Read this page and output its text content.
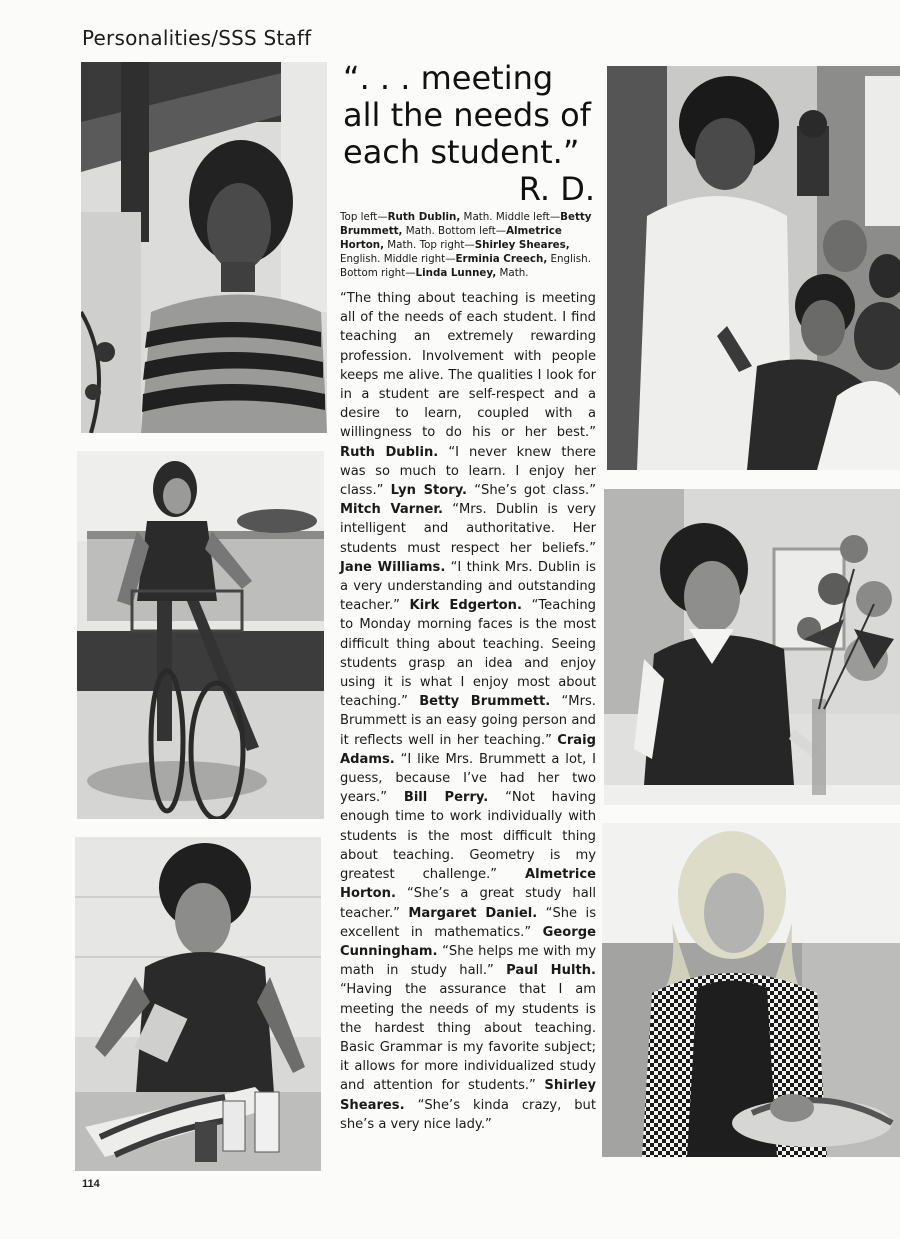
Personalities/SSS Staff
“. . . meeting all the needs of each student.”
R. D.
Top left—Ruth Dublin, Math. Middle left—Betty Brummett, Math. Bottom left—Almetrice Horton, Math. Top right—Shirley Sheares, English. Middle right—Erminia Creech, English. Bottom right—Linda Lunney, Math.
“The thing about teaching is meeting all of the needs of each student. I find teaching an extremely rewarding profession. Involvement with people keeps me alive. The qualities I look for in a student are self-respect and a desire to learn, coupled with a willingness to do his or her best.” Ruth Dublin. “I never knew there was so much to learn. I enjoy her class.” Lyn Story. “She’s got class.” Mitch Varner. “Mrs. Dublin is very intelligent and authoritative. Her students must respect her beliefs.” Jane Williams. “I think Mrs. Dublin is a very understanding and outstanding teacher.” Kirk Edgerton. “Teaching to Monday morning faces is the most difficult thing about teaching. Seeing students grasp an idea and enjoy using it is what I enjoy most about teaching.” Betty Brummett. “Mrs. Brummett is an easy going person and it reflects well in her teaching.” Craig Adams. “I like Mrs. Brummett a lot, I guess, because I’ve had her two years.” Bill Perry. “Not having enough time to work individually with students is the most difficult thing about teaching. Geometry is my greatest challenge.” Almetrice Horton. “She’s a great study hall teacher.” Margaret Daniel. “She is excellent in mathematics.” George Cunningham. “She helps me with my math in study hall.” Paul Hulth. “Having the assurance that I am meeting the needs of my students is the hardest thing about teaching. Basic Grammar is my favorite subject; it allows for more individualized study and attention for students.” Shirley Sheares. “She’s kinda crazy, but she’s a very nice lady.”
114
